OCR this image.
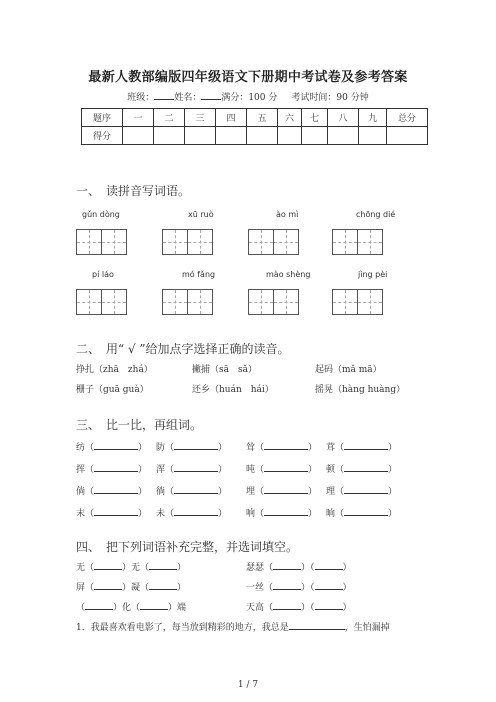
最新人教部编版四年级语文下册期中考试卷及参考答案
班级： 姓名： 满分：100 分 考试时间：90 分钟
题序	一	二	三	四	五	六	七	八	九	总分
得分										
一、 读拼音写词语。
gǔn dòng	xū ruò	ào mì	chōng dié
pí láo	mó fǎng	mào shèng	jìng pèi
二、 用“ √ ”给加点字选择正确的读音。
挣扎（zhā　zhá）	撇捕（sā　sǎ）	起码（mǎ mā）
栅子（guā guà）	还乡（huán　hái）	摇晃（hàng huàng）
三、 比一比，再组词。
纺（	） 防（	） 耸（	） 茸（	）
挥（	） 浑（	） 吨（	） 顿（	）
倘（	） 徜（	） 埋（	） 理（	）
末（	） 未（	） 响（	） 晌（	）
四、 把下列词语补充完整，并选词填空。
无（	）无（	）	瑟瑟（	）（	）
屏（	）凝（	）	一丝（	）（	）
（	）化（	）端	天高（	）（	）
1．我最喜欢看电影了，每当放到精彩的地方，我总是	，生怕漏掉
1 / 7
